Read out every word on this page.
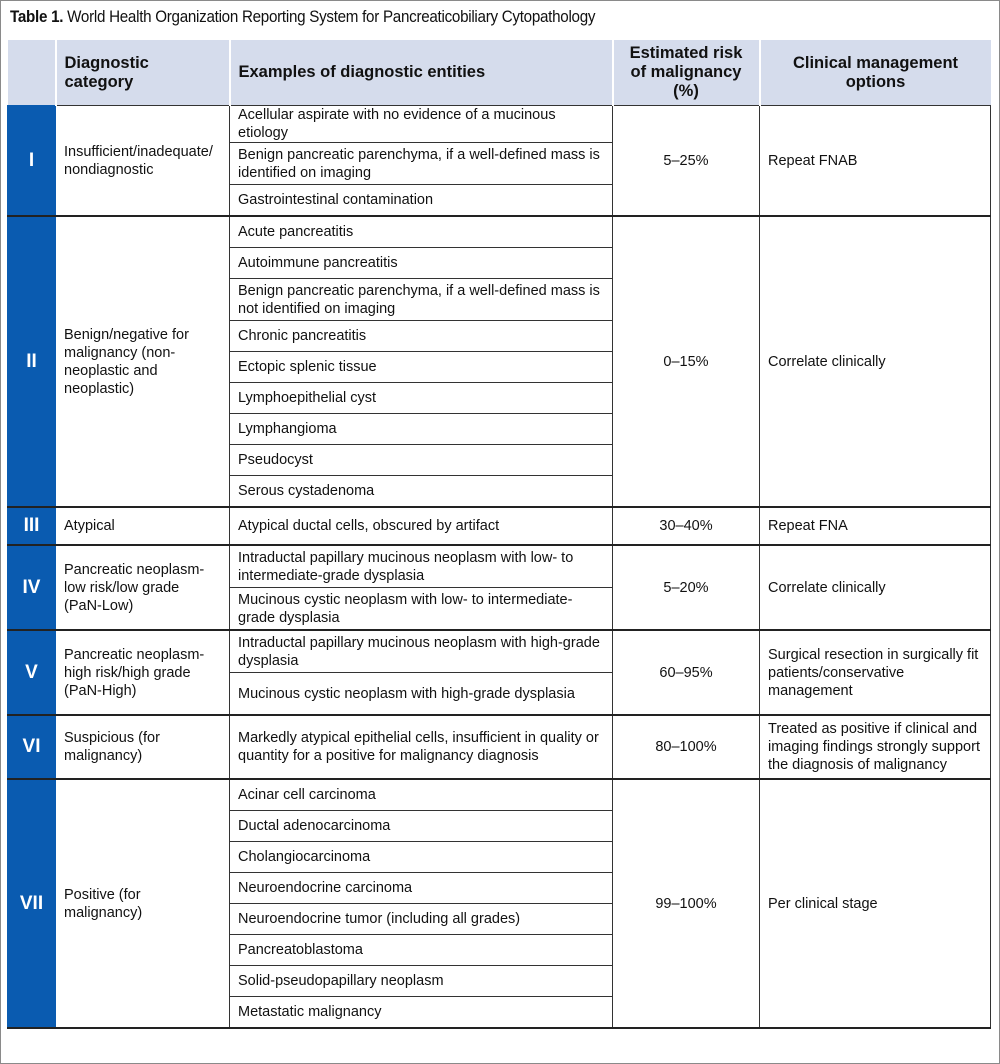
Table 1. World Health Organization Reporting System for Pancreaticobiliary Cytopathology
	Diagnostic category	Examples of diagnostic entities	Estimated risk of malignancy (%)	Clinical management options
I	Insufficient/inadequate/ nondiagnostic	Acellular aspirate with no evidence of a mucinous etiology	5–25%	Repeat FNAB
		Benign pancreatic parenchyma, if a well-defined mass is identified on imaging		
		Gastrointestinal contamination		
II	Benign/negative for malignancy (non-neoplastic and neoplastic)	Acute pancreatitis	0–15%	Correlate clinically
		Autoimmune pancreatitis		
		Benign pancreatic parenchyma, if a well-defined mass is not identified on imaging		
		Chronic pancreatitis		
		Ectopic splenic tissue		
		Lymphoepithelial cyst		
		Lymphangioma		
		Pseudocyst		
		Serous cystadenoma		
III	Atypical	Atypical ductal cells, obscured by artifact	30–40%	Repeat FNA
IV	Pancreatic neoplasm-low risk/low grade (PaN-Low)	Intraductal papillary mucinous neoplasm with low- to intermediate-grade dysplasia	5–20%	Correlate clinically
		Mucinous cystic neoplasm with low- to intermediate-grade dysplasia		
V	Pancreatic neoplasm-high risk/high grade (PaN-High)	Intraductal papillary mucinous neoplasm with high-grade dysplasia	60–95%	Surgical resection in surgically fit patients/conservative management
		Mucinous cystic neoplasm with high-grade dysplasia		
VI	Suspicious (for malignancy)	Markedly atypical epithelial cells, insufficient in quality or quantity for a positive for malignancy diagnosis	80–100%	Treated as positive if clinical and imaging findings strongly support the diagnosis of malignancy
VII	Positive (for malignancy)	Acinar cell carcinoma	99–100%	Per clinical stage
		Ductal adenocarcinoma		
		Cholangiocarcinoma		
		Neuroendocrine carcinoma		
		Neuroendocrine tumor (including all grades)		
		Pancreatoblastoma		
		Solid-pseudopapillary neoplasm		
		Metastatic malignancy		
